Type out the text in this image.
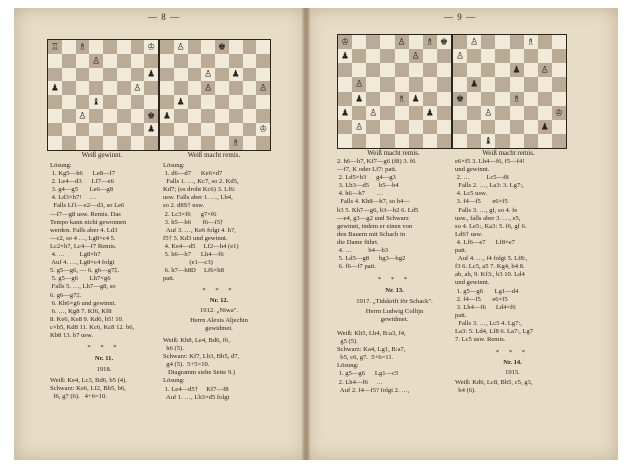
— 8 —	— 9 —
♖ ♗	♔
♙
♟
♟	♙
♝
♙	♚
♟
♙	♚
♙ ♟
♙	♙
♟
♟
♔
♗
♔	♙ ♗ ♚
♟	♙
♙
♟	♗ ♟
♟ ♙	♟
♙
♙	♗
♙
♟ ♙
♟
♚	♗
♙	♔
♟
♝
Weiß gewinnt.	Weiß macht remis.	Weiß macht remis.	Weiß macht remis.
Lösung:
1. Kg5—h6      Le8—f7
2. Le4—d3      Lf7—e6
3. g4—g5       Le6—g8
4. Ld3×h7!     …
Falls Lf1—e2—d3, so Le6
—f7—g8 usw. Remis. Das
Tempo kann nicht gewonnen
werden. Falls aber 4. Ld3
—c2, so 4 …, Lg8×c4 5.
Lc2×h7, Lc4—f7 Remis.
4. …         Lg8×h7
Auf 4. …, Lg8×c4 folgt
5. g5—g6, — 6. g6—g7‡.
5. g5—g6       Lh7×g6
Falls 5. …, Lh7—g8, so
6. g6—g7‡.
6. Kh6×g6 und gewinnt.
6. …, Kg8 7. Kf6, Kf8
8. Ke6, Ke8 9. Kd6, b5! 10.
c×b5, Kd8 11. Kc6, Kc8 12. b6,
Kb8 13. b7 usw.
* * *
Nr. 11.
1918.
Weiß: Ke4, Lc3, Bd6, b5 (4).
Schwarz: Ke6, Lf2, Bh5, b6,
f6, g7 (6).   4+6=10.
Lösung:
1. d6—d7      Ke6×d7
Falls 1. …, Kc7, so 2. Kd5,
Kd7; (es droht Kc6) 3. Lf6:
usw. Falls aber 1. …, Lb4,
so 2. d8S† usw.
2. Lc3×f6      g7×f6
3. h5—h6       f6—f5†
Auf 3. …, Ke6 folgt 4. h7,
f5† 5. Kd3 und gewinnt.
4. Ke4—d5     Lf2—h4 (e1)
5. h6—h7      Lh4—f6
(e1—c3)
6. h7—h8D     Lf6×h8
patt.
* * *
Nr. 12.
1912. „Niwa".
Herrn Alexis Aljechin
gewidmet.
Weiß: Kh8, Le4, Bd6, f6,
h6 (5).
Schwarz: Kf7, Lb3, Bb5, d7,
g4 (5).  5+5=10.
Diagramm siehe Seite 9.)
Lösung:
1. Le4—d5†     Kf7—f8
Auf 1. …, Lb3×d5 folgt
2. h6—h7, Kf7—g6 (f8) 3. f6
—f7, K oder Lf7: patt.
2. Ld5×b3      g4—g3
3. Lb3—d5      b5—b4
4. h6—h7       …
Falls 4. Kh8—h7, so b4—
b3 5. Kh7—g6, b3—b2 6. Ld5
—e4, g3—g2 und Schwarz
gewinnt, indem er einen von
den Bauern mit Schach in
die Dame führt.
4. …          b4—b3
5. Ld5—g8      bg3—bg2
6. f6—f7 patt.
* * *
Nr. 13.
1917. „Tidskrift för Schack".
Herrn Ludwig Collijn
gewidmet.
Weiß: Kh5, Lh4, B:a3, f4,
g5 (5).
Schwarz: Ka4, Lg1, B:a7,
b5, c6, g7.  5+6=11.
Lösung:
1. g5—g6      Lg1—c5
2. Lh4—f6     …
Auf 2. f4—f5? folgt 2. …,
e6×f5 3. Lh4—f6, f5—f4!
und gewinnt.
2. …          Lc5—f8
Falls 2. …, La3: 3. Lg7:,
4. Lc5 usw.
3. f4—f5       e6×f5
Falls 3. …, gf, so 4. fe
usw., falls aber 3. …, e5,
so 4. Le5:, Ka3: 5. f6, gf 6.
Ld6† usw.
4. Lf6—e7      Lf8×e7
patt.
Auf 4. …, f4 folgt 5. Lf8:,
f3 6. Lc5, a5 7. Kg4, b4 8.
ab, ab, 9. Kf3:, b3 10. Ld4
und gewinnt.
1. g5—g6       Lg1—d4
2. f4—f5       e6×f5
3. Lh4—f6      Ld4×f6
patt.
Falls 3. …, Lc5 4. Lg7:,
La3: 5. Ld4, Lf8 6. La7:, Lg7
7. Lc5 usw. Remis.
* * *
Nr. 14.
1915.
Weiß: Kd6, Lc8, Bb5, c5, g3,
b4 (6).
